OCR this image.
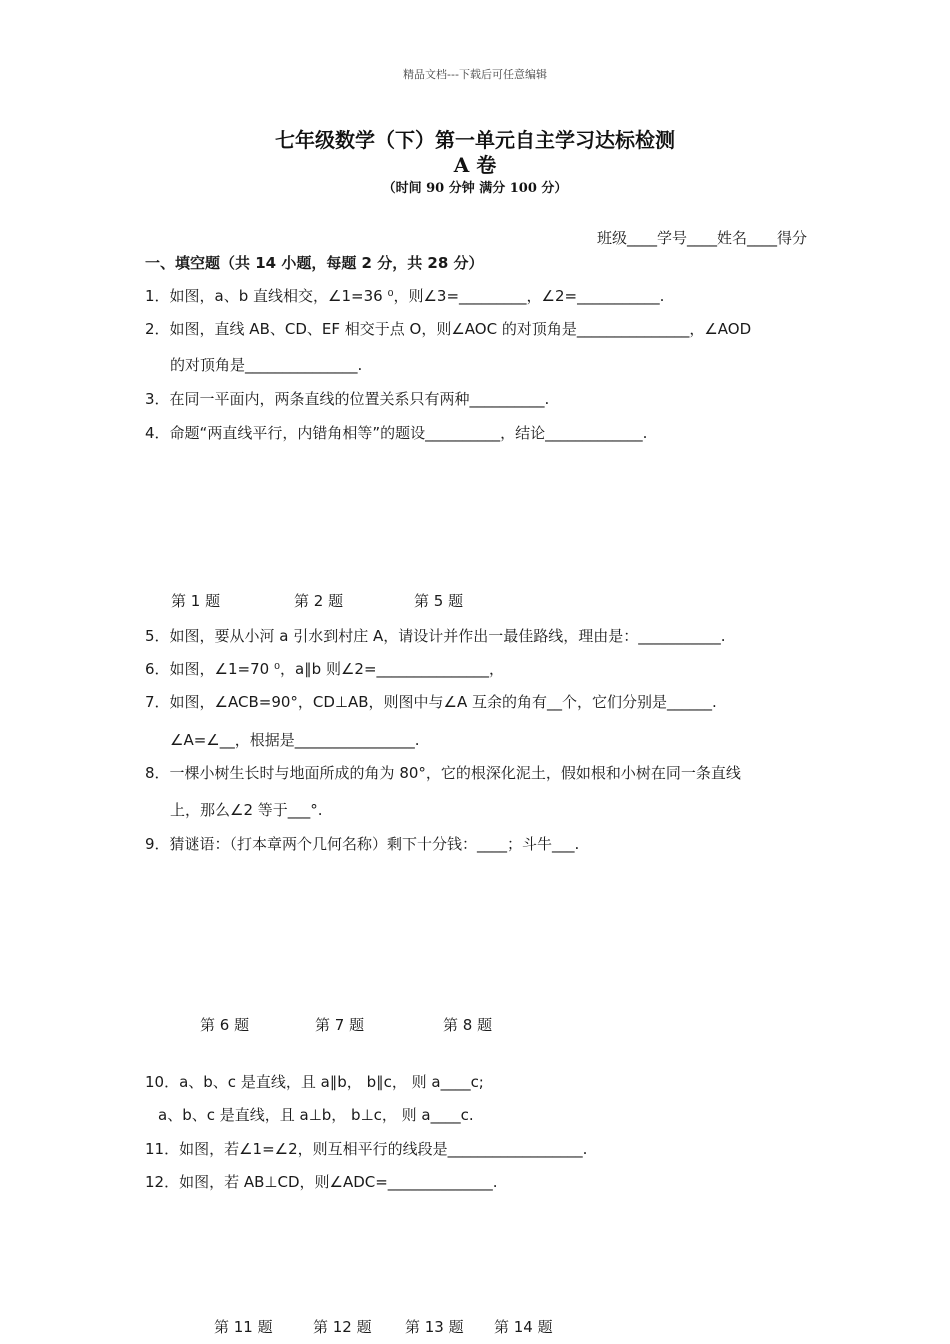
精品文档---下载后可任意编辑
七年级数学（下）第一单元自主学习达标检测
A 卷
（时间 90 分钟 满分 100 分）
班级____学号____姓名____得分
一、填空题（共 14 小题，每题 2 分，共 28 分）
1．如图，a、b 直线相交，∠1=36 ⁰，则∠3=_________，∠2=___________.
2．如图，直线 AB、CD、EF 相交于点 O，则∠AOC 的对顶角是_______________，∠AOD
的对顶角是_______________.
3．在同一平面内，两条直线的位置关系只有两种__________.
4．命题“两直线平行，内错角相等”的题设__________，结论_____________.
第 1 题	第 2 题	第 5 题
5．如图，要从小河 a 引水到村庄 A，请设计并作出一最佳路线，理由是：___________.
6．如图，∠1=70 ⁰，a∥b 则∠2=_______________，
7．如图，∠ACB=90°，CD⊥AB，则图中与∠A 互余的角有__个，它们分别是______.
∠A=∠__，根据是________________.
8．一棵小树生长时与地面所成的角为 80°，它的根深化泥土，假如根和小树在同一条直线
上，那么∠2 等于___°.
9．猜谜语：（打本章两个几何名称）剩下十分钱：____；斗牛___.
第 6 题	第 7 题	第 8 题
10．a、b、c 是直线，且 a∥b， b∥c， 则 a____c;
a、b、c 是直线，且 a⊥b， b⊥c， 则 a____c.
11．如图，若∠1=∠2，则互相平行的线段是__________________.
12．如图，若 AB⊥CD，则∠ADC=______________.
第 11 题	第 12 题 第 13 题 第 14 题
